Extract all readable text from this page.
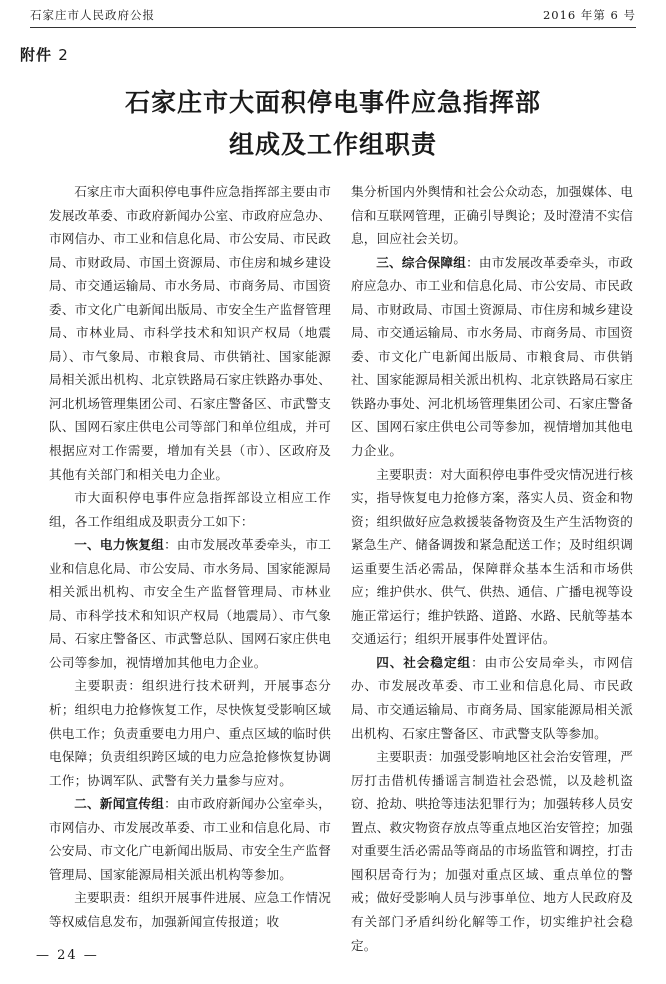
石家庄市人民政府公报	2016 年第 6 号
附件 2
石家庄市大面积停电事件应急指挥部
组成及工作组职责

石家庄市大面积停电事件应急指挥部主要由市发展改革委、市政府新闻办公室、市政府应急办、市网信办、市工业和信息化局、市公安局、市民政局、市财政局、市国土资源局、市住房和城乡建设局、市交通运输局、市水务局、市商务局、市国资委、市文化广电新闻出版局、市安全生产监督管理局、市林业局、市科学技术和知识产权局（地震局）、市气象局、市粮食局、市供销社、国家能源局相关派出机构、北京铁路局石家庄铁路办事处、河北机场管理集团公司、石家庄警备区、市武警支队、国网石家庄供电公司等部门和单位组成，并可根据应对工作需要，增加有关县（市）、区政府及其他有关部门和相关电力企业。

市大面积停电事件应急指挥部设立相应工作组，各工作组组成及职责分工如下：

一、电力恢复组：由市发展改革委牵头，市工业和信息化局、市公安局、市水务局、国家能源局相关派出机构、市安全生产监督管理局、市林业局、市科学技术和知识产权局（地震局）、市气象局、石家庄警备区、市武警总队、国网石家庄供电公司等参加，视情增加其他电力企业。

主要职责：组织进行技术研判，开展事态分析；组织电力抢修恢复工作，尽快恢复受影响区域供电工作；负责重要电力用户、重点区域的临时供电保障；负责组织跨区域的电力应急抢修恢复协调工作；协调军队、武警有关力量参与应对。

二、新闻宣传组：由市政府新闻办公室牵头，市网信办、市发展改革委、市工业和信息化局、市公安局、市文化广电新闻出版局、市安全生产监督管理局、国家能源局相关派出机构等参加。

主要职责：组织开展事件进展、应急工作情况等权威信息发布，加强新闻宣传报道；收

集分析国内外舆情和社会公众动态，加强媒体、电信和互联网管理，正确引导舆论；及时澄清不实信息，回应社会关切。

三、综合保障组：由市发展改革委牵头，市政府应急办、市工业和信息化局、市公安局、市民政局、市财政局、市国土资源局、市住房和城乡建设局、市交通运输局、市水务局、市商务局、市国资委、市文化广电新闻出版局、市粮食局、市供销社、国家能源局相关派出机构、北京铁路局石家庄铁路办事处、河北机场管理集团公司、石家庄警备区、国网石家庄供电公司等参加，视情增加其他电力企业。

主要职责：对大面积停电事件受灾情况进行核实，指导恢复电力抢修方案，落实人员、资金和物资；组织做好应急救援装备物资及生产生活物资的紧急生产、储备调拨和紧急配送工作；及时组织调运重要生活必需品，保障群众基本生活和市场供应；维护供水、供气、供热、通信、广播电视等设施正常运行；维护铁路、道路、水路、民航等基本交通运行；组织开展事件处置评估。

四、社会稳定组：由市公安局牵头，市网信办、市发展改革委、市工业和信息化局、市民政局、市交通运输局、市商务局、国家能源局相关派出机构、石家庄警备区、市武警支队等参加。

主要职责：加强受影响地区社会治安管理，严厉打击借机传播谣言制造社会恐慌，以及趁机盗窃、抢劫、哄抢等违法犯罪行为；加强转移人员安置点、救灾物资存放点等重点地区治安管控；加强对重要生活必需品等商品的市场监管和调控，打击囤积居奇行为；加强对重点区域、重点单位的警戒；做好受影响人员与涉事单位、地方人民政府及有关部门矛盾纠纷化解等工作，切实维护社会稳定。

— 24 —
